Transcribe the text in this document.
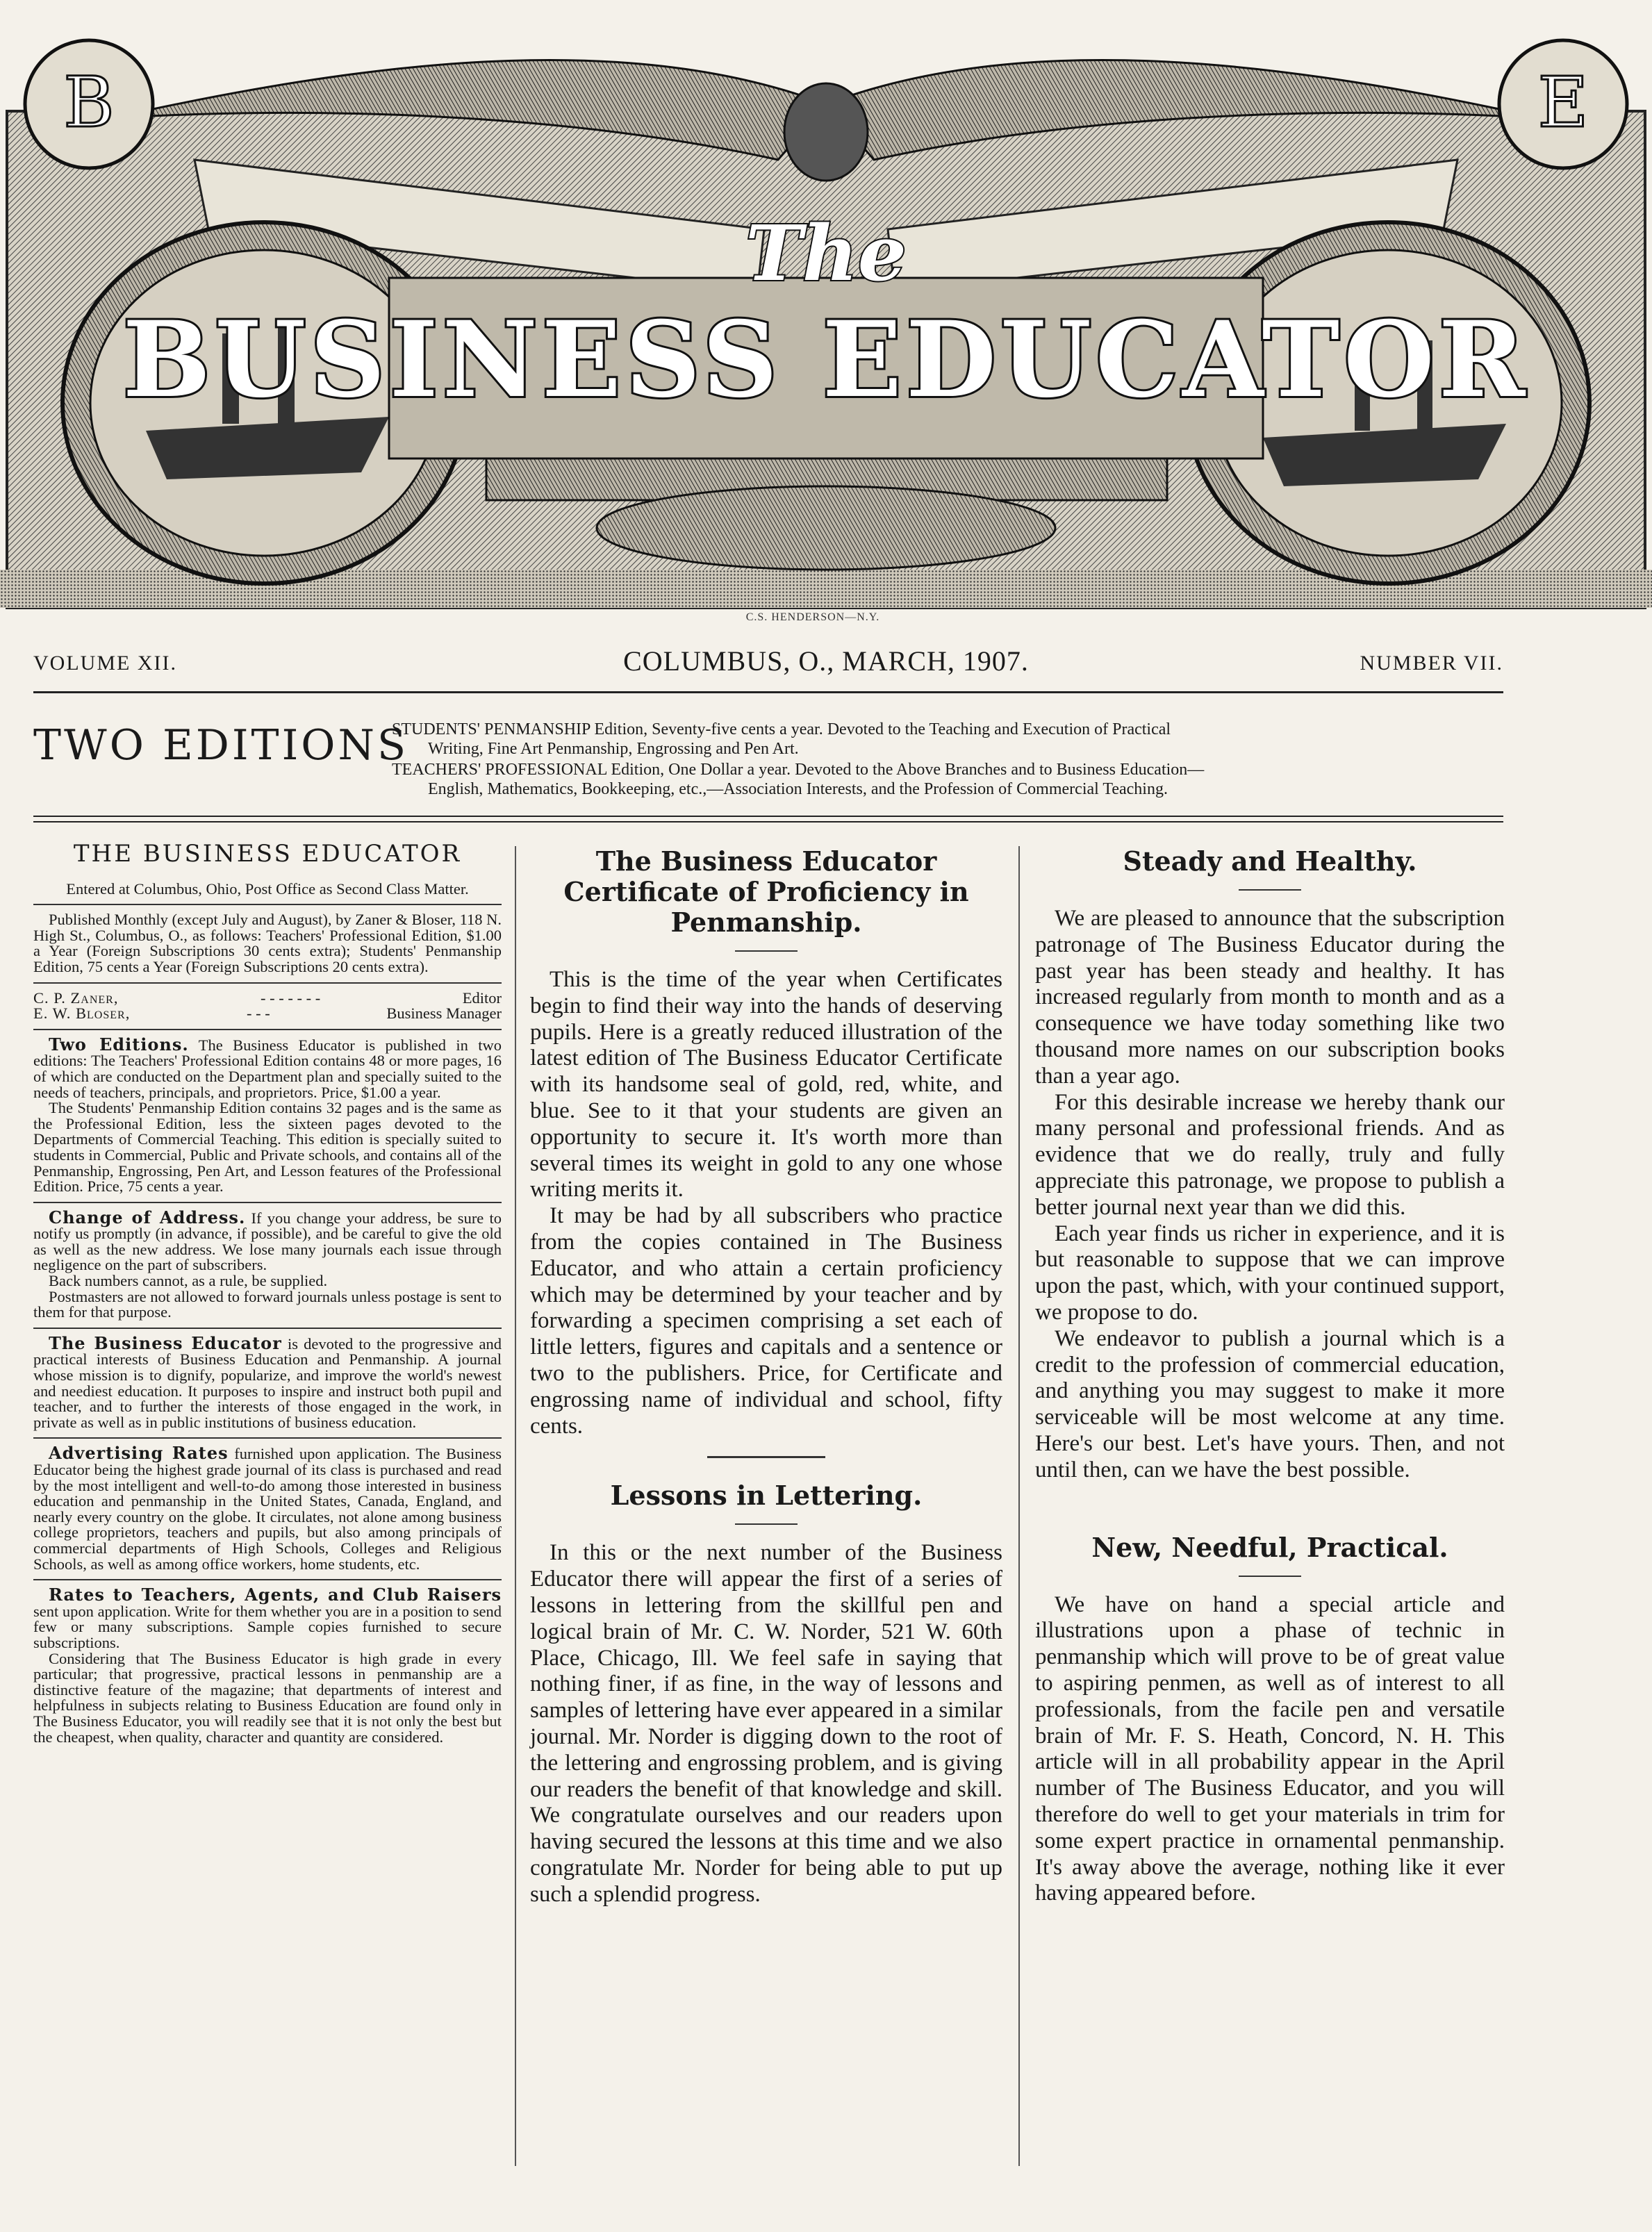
B	E
The
BUSINESS EDUCATOR
C.S. HENDERSON—N.Y.
VOLUME XII.	COLUMBUS, O., MARCH, 1907.	NUMBER VII.
TWO EDITIONS
STUDENTS' PENMANSHIP Edition, Seventy-five cents a year. Devoted to the Teaching and Execution of Practical
Writing, Fine Art Penmanship, Engrossing and Pen Art.
TEACHERS' PROFESSIONAL Edition, One Dollar a year. Devoted to the Above Branches and to Business Education—
English, Mathematics, Bookkeeping, etc.,—Association Interests, and the Profession of Commercial Teaching.
THE BUSINESS EDUCATOR

Entered at Columbus, Ohio, Post Office as Second Class Matter.

Published Monthly (except July and August), by Zaner & Bloser, 118 N. High St., Columbus, O., as follows: Teachers' Professional Edition, $1.00 a Year (Foreign Subscriptions 30 cents extra); Students' Penmanship Edition, 75 cents a Year (Foreign Subscriptions 20 cents extra).

C. P. Zaner,	- - - - - - -	Editor
E. W. Bloser,	- - -	Business Manager

Two Editions. The Business Educator is published in two editions: The Teachers' Professional Edition contains 48 or more pages, 16 of which are conducted on the Department plan and specially suited to the needs of teachers, principals, and proprietors. Price, $1.00 a year.

The Students' Penmanship Edition contains 32 pages and is the same as the Professional Edition, less the sixteen pages devoted to the Departments of Commercial Teaching. This edition is specially suited to students in Commercial, Public and Private schools, and contains all of the Penmanship, Engrossing, Pen Art, and Lesson features of the Professional Edition. Price, 75 cents a year.

Change of Address. If you change your address, be sure to notify us promptly (in advance, if possible), and be careful to give the old as well as the new address. We lose many journals each issue through negligence on the part of subscribers.

Back numbers cannot, as a rule, be supplied.

Postmasters are not allowed to forward journals unless postage is sent to them for that purpose.

The Business Educator is devoted to the progressive and practical interests of Business Education and Penmanship. A journal whose mission is to dignify, popularize, and improve the world's newest and neediest education. It purposes to inspire and instruct both pupil and teacher, and to further the interests of those engaged in the work, in private as well as in public institutions of business education.

Advertising Rates furnished upon application. The Business Educator being the highest grade journal of its class is purchased and read by the most intelligent and well-to-do among those interested in business education and penmanship in the United States, Canada, England, and nearly every country on the globe. It circulates, not alone among business college proprietors, teachers and pupils, but also among principals of commercial departments of High Schools, Colleges and Religious Schools, as well as among office workers, home students, etc.

Rates to Teachers, Agents, and Club Raisers sent upon application. Write for them whether you are in a position to send few or many subscriptions. Sample copies furnished to secure subscriptions.

Considering that The Business Educator is high grade in every particular; that progressive, practical lessons in penmanship are a distinctive feature of the magazine; that departments of interest and helpfulness in subjects relating to Business Education are found only in The Business Educator, you will readily see that it is not only the best but the cheapest, when quality, character and quantity are considered.

The Business Educator Certificate of Proficiency in Penmanship.

This is the time of the year when Certificates begin to find their way into the hands of deserving pupils. Here is a greatly reduced illustration of the latest edition of The Business Educator Certificate with its handsome seal of gold, red, white, and blue. See to it that your students are given an opportunity to secure it. It's worth more than several times its weight in gold to any one whose writing merits it.

It may be had by all subscribers who practice from the copies contained in The Business Educator, and who attain a certain proficiency which may be determined by your teacher and by forwarding a specimen comprising a set each of little letters, figures and capitals and a sentence or two to the publishers. Price, for Certificate and engrossing name of individual and school, fifty cents.

Lessons in Lettering.

In this or the next number of the Business Educator there will appear the first of a series of lessons in lettering from the skillful pen and logical brain of Mr. C. W. Norder, 521 W. 60th Place, Chicago, Ill. We feel safe in saying that nothing finer, if as fine, in the way of lessons and samples of lettering have ever appeared in a similar journal. Mr. Norder is digging down to the root of the lettering and engrossing problem, and is giving our readers the benefit of that knowledge and skill. We congratulate ourselves and our readers upon having secured the lessons at this time and we also congratulate Mr. Norder for being able to put up such a splendid progress.

Steady and Healthy.

We are pleased to announce that the subscription patronage of The Business Educator during the past year has been steady and healthy. It has increased regularly from month to month and as a consequence we have today something like two thousand more names on our subscription books than a year ago.

For this desirable increase we hereby thank our many personal and professional friends. And as evidence that we do really, truly and fully appreciate this patronage, we propose to publish a better journal next year than we did this.

Each year finds us richer in experience, and it is but reasonable to suppose that we can improve upon the past, which, with your continued support, we propose to do.

We endeavor to publish a journal which is a credit to the profession of commercial education, and anything you may suggest to make it more serviceable will be most welcome at any time. Here's our best. Let's have yours. Then, and not until then, can we have the best possible.

New, Needful, Practical.

We have on hand a special article and illustrations upon a phase of technic in penmanship which will prove to be of great value to aspiring penmen, as well as of interest to all professionals, from the facile pen and versatile brain of Mr. F. S. Heath, Concord, N. H. This article will in all probability appear in the April number of The Business Educator, and you will therefore do well to get your materials in trim for some expert practice in ornamental penmanship. It's away above the average, nothing like it ever having appeared before.
